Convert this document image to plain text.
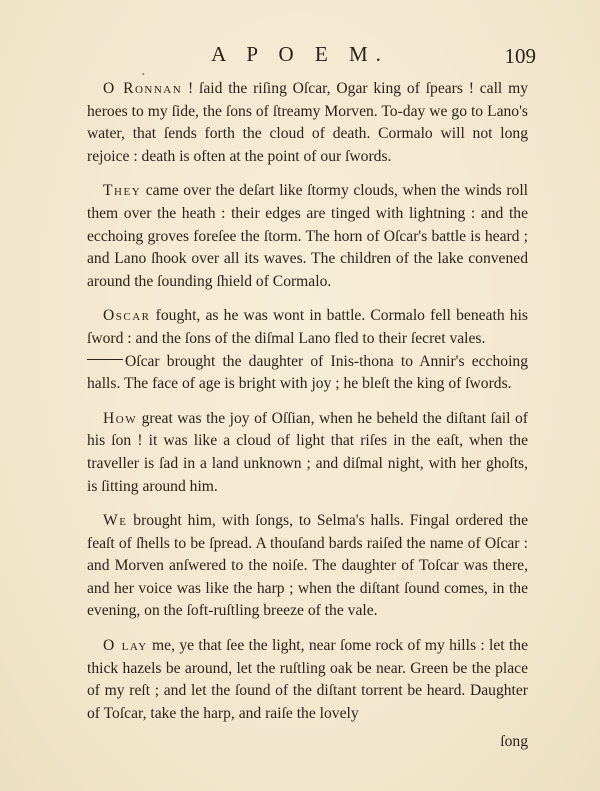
•
A P O E M.	109

O Ronnan ! ſaid the riſing Oſcar, Ogar king of ſpears ! call my heroes to my ſide, the ſons of ſtreamy Morven. To-day we go to Lano's water, that ſends forth the cloud of death. Cormalo will not long rejoice : death is often at the point of our ſwords.

They came over the deſart like ſtormy clouds, when the winds roll them over the heath : their edges are tinged with lightning : and the ecchoing groves foreſee the ſtorm. The horn of Oſcar's battle is heard ; and Lano ſhook over all its waves. The children of the lake convened around the ſounding ſhield of Cormalo.

Oscar fought, as he was wont in battle. Cormalo fell beneath his ſword : and the ſons of the diſmal Lano fled to their ſecret vales.
Oſcar brought the daughter of Inis-thona to Annir's ecchoing halls. The face of age is bright with joy ; he bleſt the king of ſwords.

How great was the joy of Oſſian, when he beheld the diſtant ſail of his ſon ! it was like a cloud of light that riſes in the eaſt, when the traveller is ſad in a land unknown ; and diſmal night, with her ghoſts, is ſitting around him.

We brought him, with ſongs, to Selma's halls. Fingal ordered the feaſt of ſhells to be ſpread. A thouſand bards raiſed the name of Oſcar : and Morven anſwered to the noiſe. The daughter of Toſcar was there, and her voice was like the harp ; when the diſtant ſound comes, in the evening, on the ſoft-ruſtling breeze of the vale.

O lay me, ye that ſee the light, near ſome rock of my hills : let the thick hazels be around, let the ruſtling oak be near. Green be the place of my reſt ; and let the ſound of the diſtant torrent be heard. Daughter of Toſcar, take the harp, and raiſe the lovely

ſong
